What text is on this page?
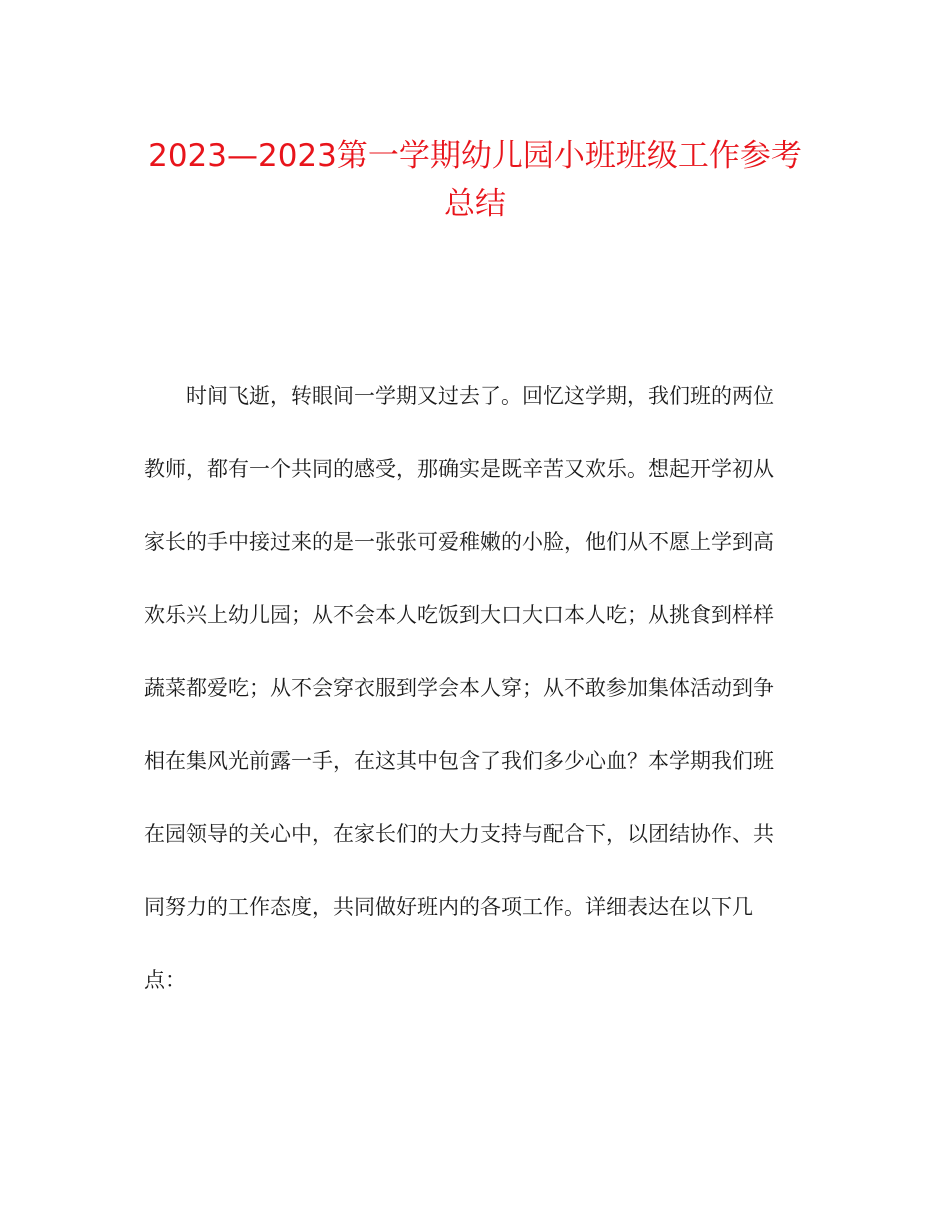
2023—2023第一学期幼儿园小班班级工作参考
总结
时间飞逝，转眼间一学期又过去了。回忆这学期，我们班的两位
教师，都有一个共同的感受，那确实是既辛苦又欢乐。想起开学初从
家长的手中接过来的是一张张可爱稚嫩的小脸，他们从不愿上学到高
欢乐兴上幼儿园；从不会本人吃饭到大口大口本人吃；从挑食到样样
蔬菜都爱吃；从不会穿衣服到学会本人穿；从不敢参加集体活动到争
相在集风光前露一手，在这其中包含了我们多少心血？本学期我们班
在园领导的关心中，在家长们的大力支持与配合下，以团结协作、共
同努力的工作态度，共同做好班内的各项工作。详细表达在以下几
点：
